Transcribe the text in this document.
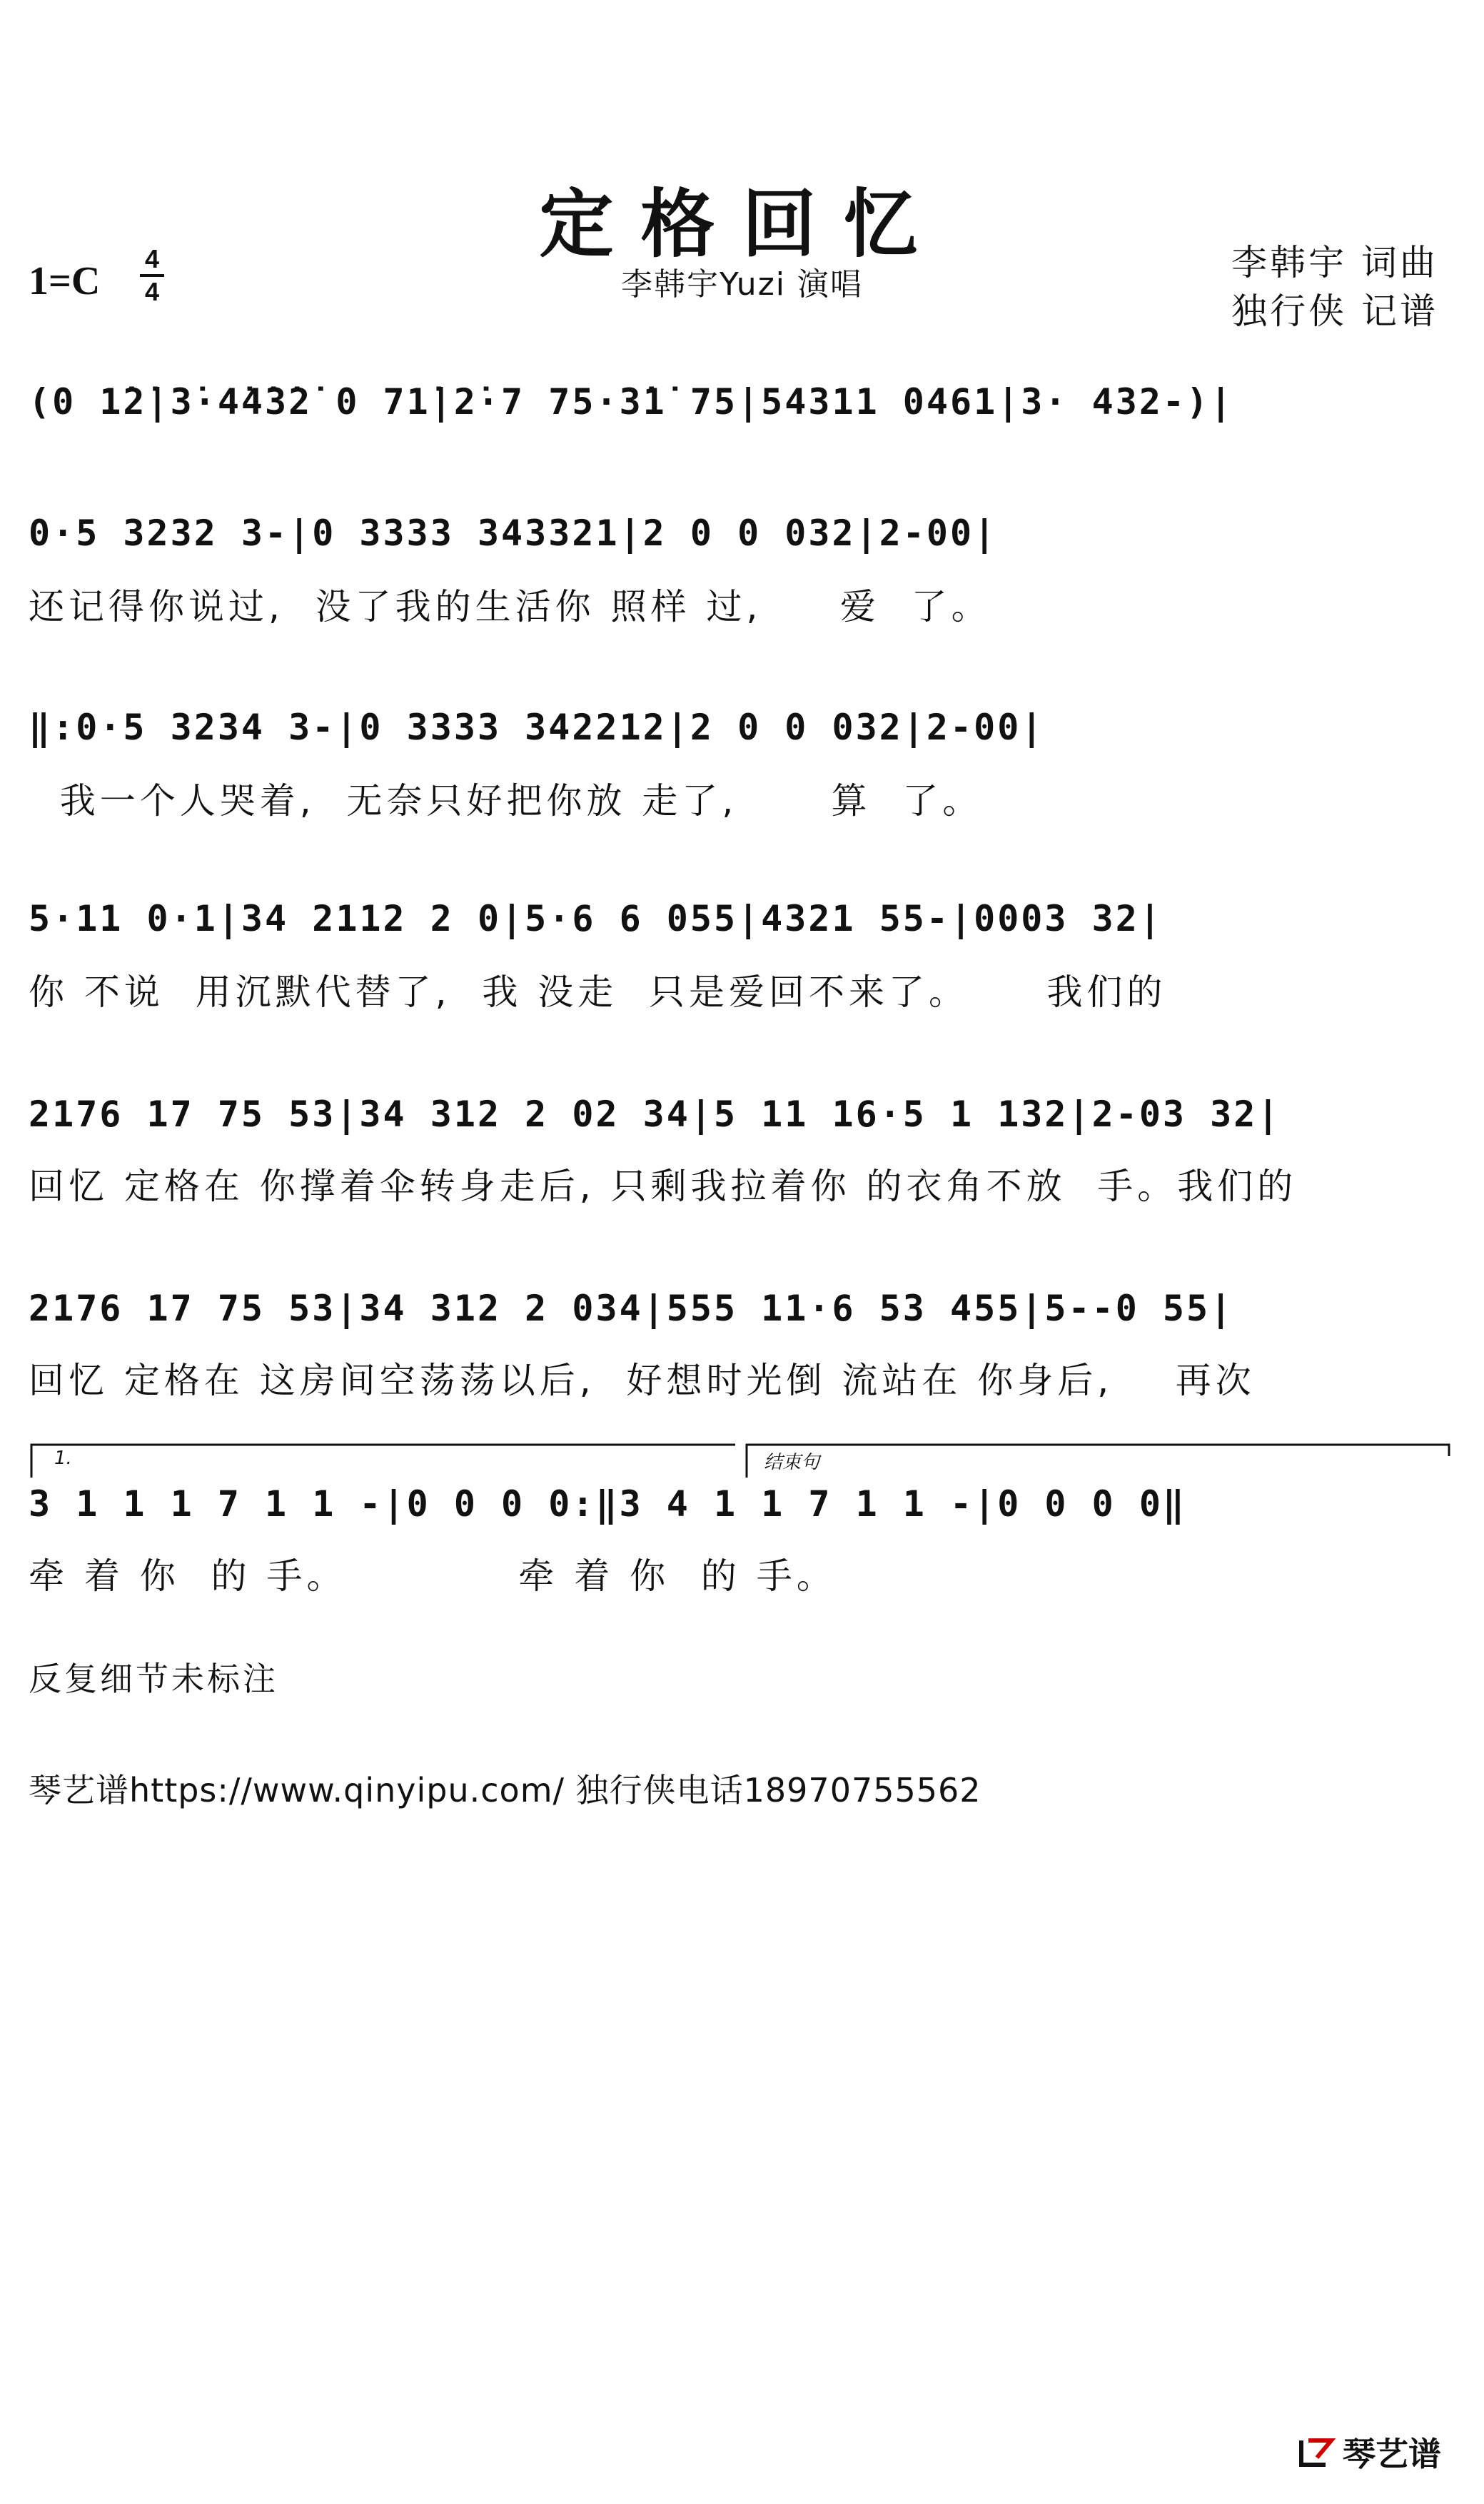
定格回忆
李韩宇Yuzi 演唱
1=C
4
4
李韩宇 词曲
独行侠 记谱
(0 1̇2̇|3̇·4̇4̇3̇2̇ 0 71̇|2̇·7 75·3̇1̇ 75|54311 0461|3· 432-)|
0·5 3232 3-|0 3333 343321|2 0 0 032|2-00|
还记得你说过,  没了我的生活你 照样 过,     爱  了。
‖:0·5 3234 3-|0 3333 342212|2 0 0 032|2-00|
我一个人哭着,  无奈只好把你放 走了,      算  了。
5·11 0·1|34 2112 2 0|5·6 6 055|4321 55-|0003 32|
你 不说  用沉默代替了,  我 没走  只是爱回不来了。     我们的
2176 17 75 53|34 312 2 02 34|5 11 16·5 1 132|2-03 32|
回忆 定格在 你撑着伞转身走后, 只剩我拉着你 的衣角不放  手。我们的
2176 17 75 53|34 312 2 034|555 11·6 53 455|5--0 55|
回忆 定格在 这房间空荡荡以后,  好想时光倒 流站在 你身后,    再次
1.	结束句
3 1 1 1 7 1 1 -|0 0 0 0:‖3 4 1 1 7 1 1 -|0 0 0 0‖
牵 着 你  的 手。           牵 着 你  的 手。
反复细节未标注
琴艺谱https://www.qinyipu.com/ 独行侠电话18970755562
琴艺谱
